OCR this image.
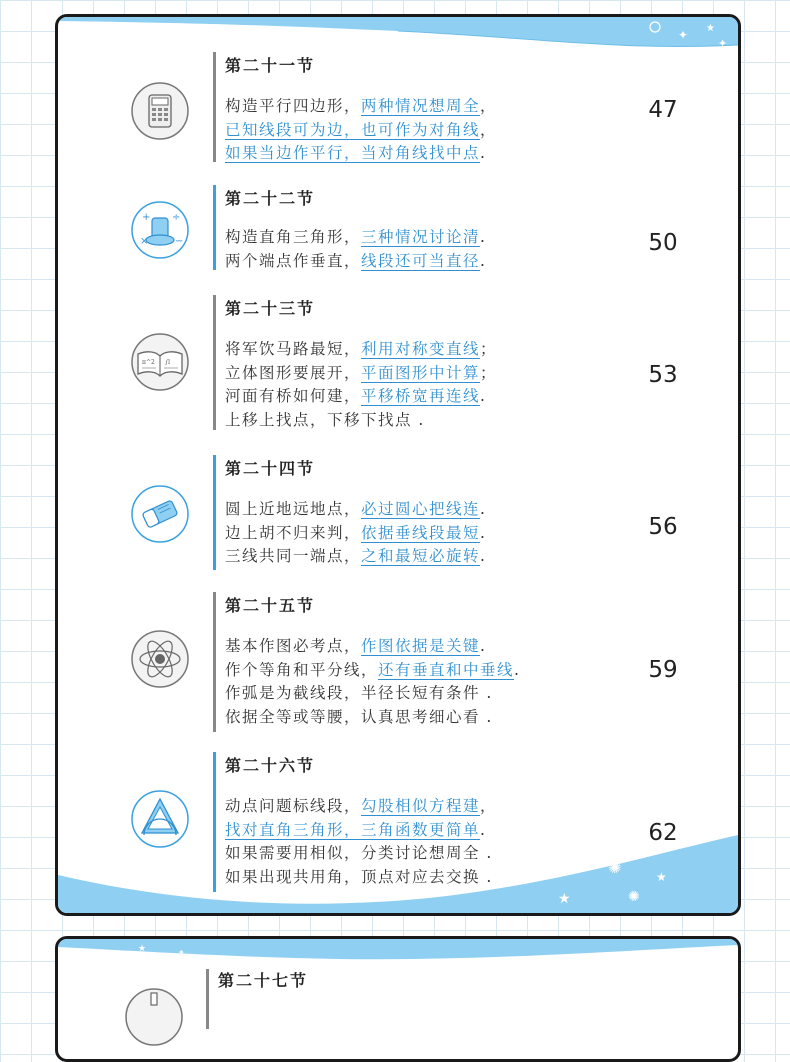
✦ ★
✦
✺	★
★	✺
第二十一节
构造平行四边形，两种情况想周全，
已知线段可为边，也可作为对角线，
如果当边作平行，当对角线找中点.
47
+ ÷
×	−
第二十二节
构造直角三角形，三种情况讨论清.
两个端点作垂直，线段还可当直径.
50
π^2 ∫l
第二十三节
将军饮马路最短，利用对称变直线；
立体图形要展开，平面图形中计算；
河面有桥如何建，平移桥宽再连线.
上移上找点，下移下找点 .
53
第二十四节
圆上近地远地点，必过圆心把线连.
边上胡不归来判，依据垂线段最短.
三线共同一端点，之和最短必旋转.
56
第二十五节
基本作图必考点，作图依据是关键.
作个等角和平分线，还有垂直和中垂线.
作弧是为截线段，半径长短有条件 .
依据全等或等腰，认真思考细心看 .
59
第二十六节
动点问题标线段，勾股相似方程建，
找对直角三角形，三角函数更简单.
如果需要用相似，分类讨论想周全 .
如果出现共用角，顶点对应去交换 .
62
★	✦
第二十七节
